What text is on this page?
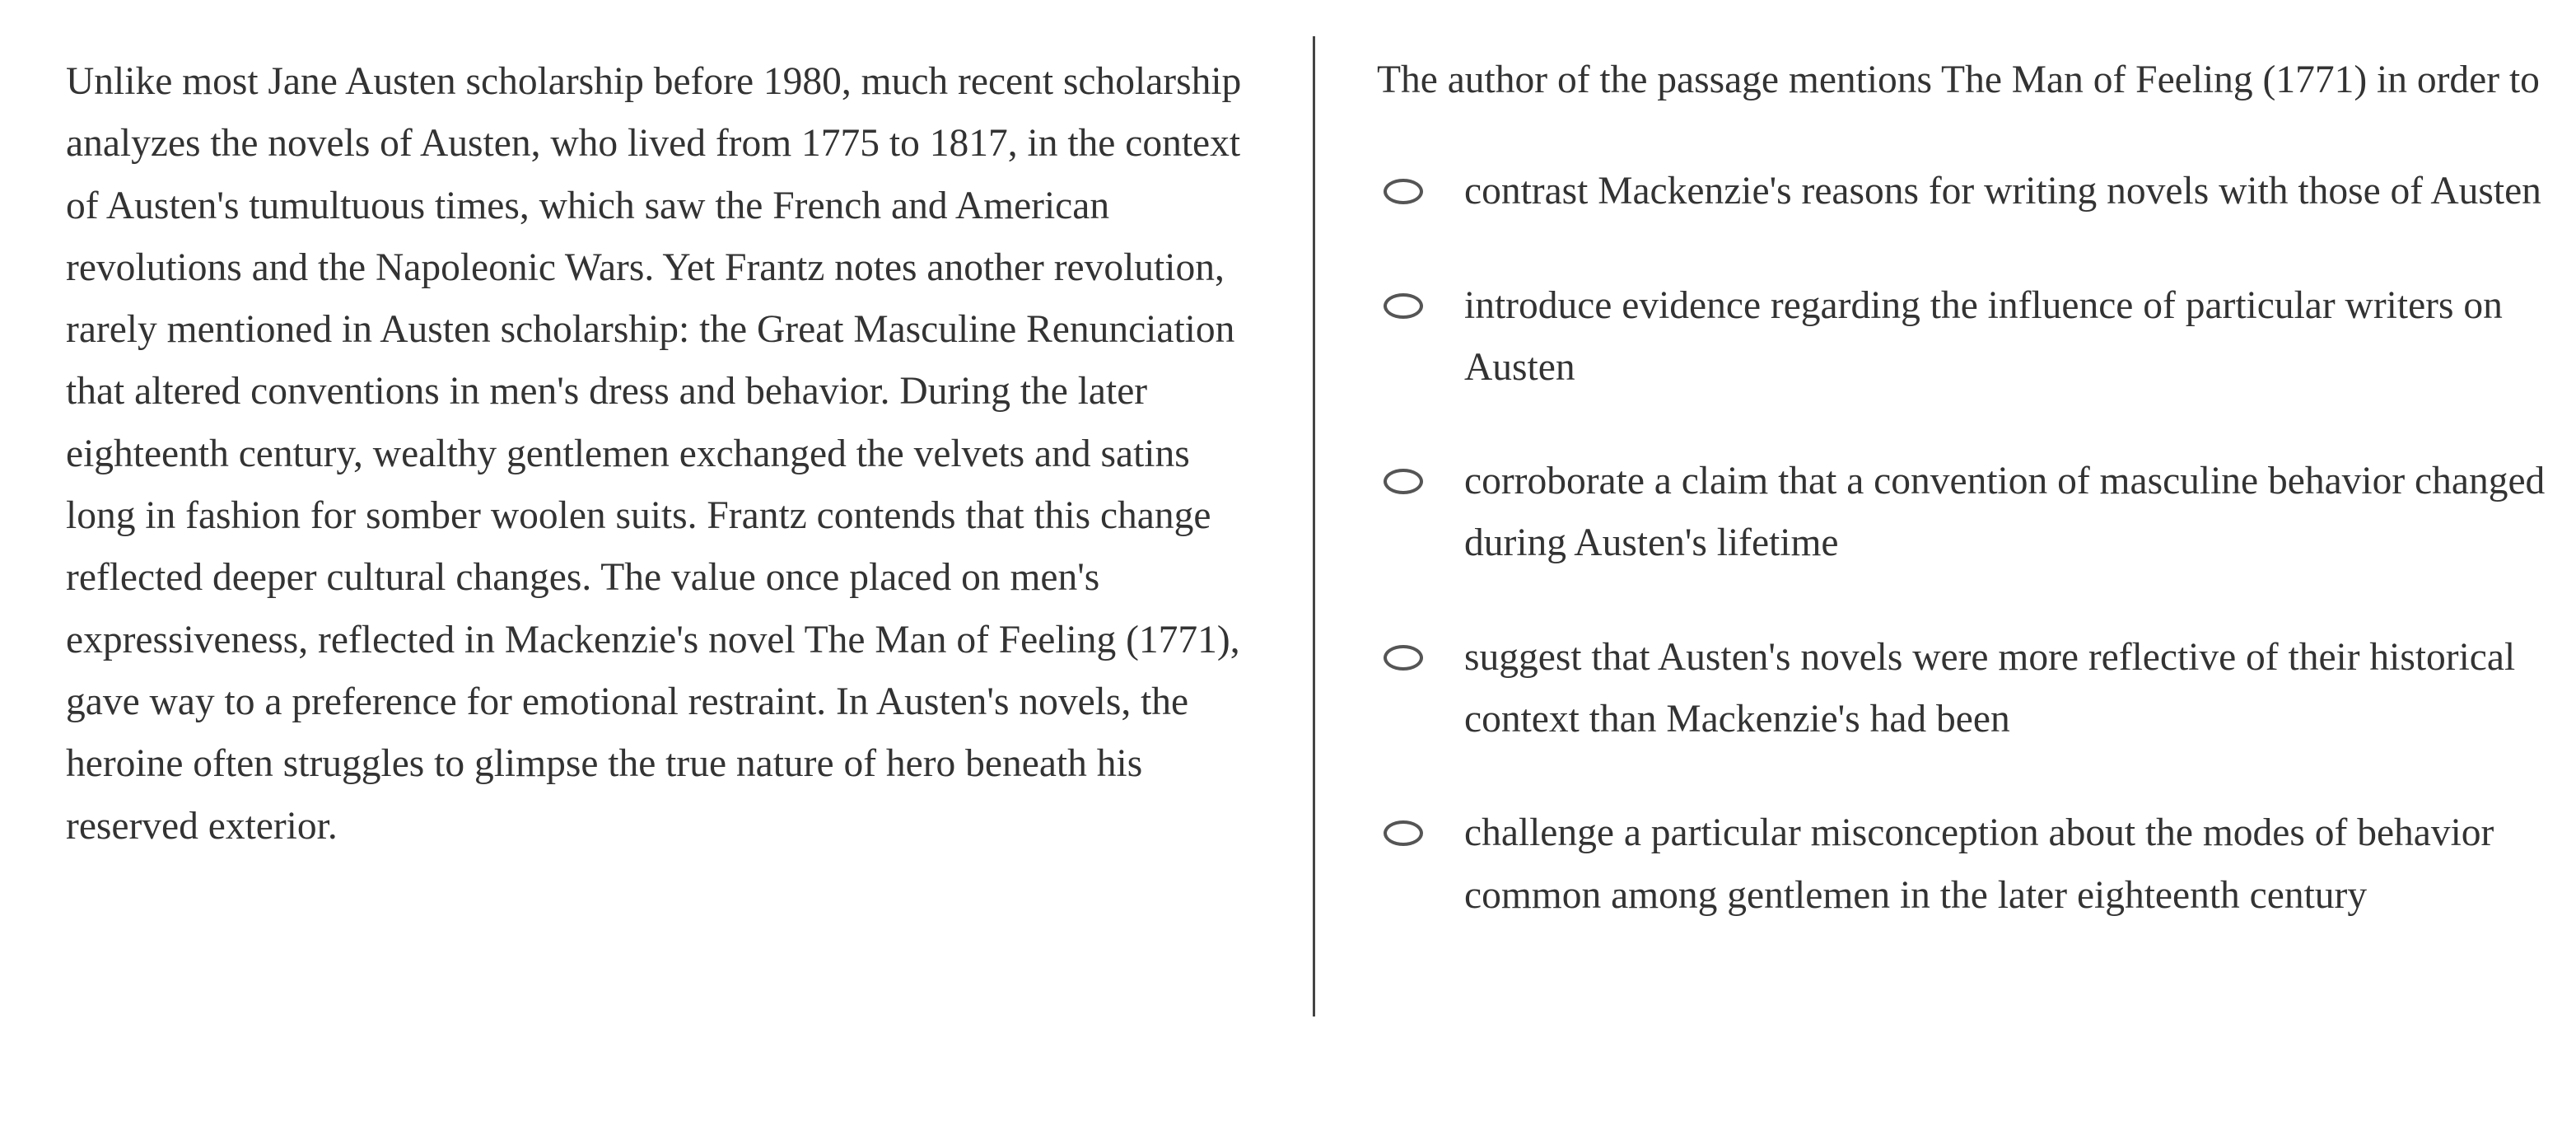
Unlike most Jane Austen scholarship before 1980, much recent scholarship analyzes the novels of Austen, who lived from 1775 to 1817, in the context of Austen's tumultuous times, which saw the French and American revolutions and the Napoleonic Wars. Yet Frantz notes another revolution, rarely mentioned in Austen scholarship: the Great Masculine Renunciation that altered conventions in men's dress and behavior. During the later eighteenth century, wealthy gentlemen exchanged the velvets and satins long in fashion for somber woolen suits. Frantz contends that this change reflected deeper cultural changes. The value once placed on men's expressiveness, reflected in Mackenzie's novel The Man of Feeling (1771), gave way to a preference for emotional restraint. In Austen's novels, the heroine often struggles to glimpse the true nature of hero beneath his reserved exterior.
The author of the passage mentions The Man of Feeling (1771) in order to
contrast Mackenzie's reasons for writing novels with those of Austen
introduce evidence regarding the influence of particular writers on Austen
corroborate a claim that a convention of masculine behavior changed during Austen's lifetime
suggest that Austen's novels were more reflective of their historical context than Mackenzie's had been
challenge a particular misconception about the modes of behavior common among gentlemen in the later eighteenth century
